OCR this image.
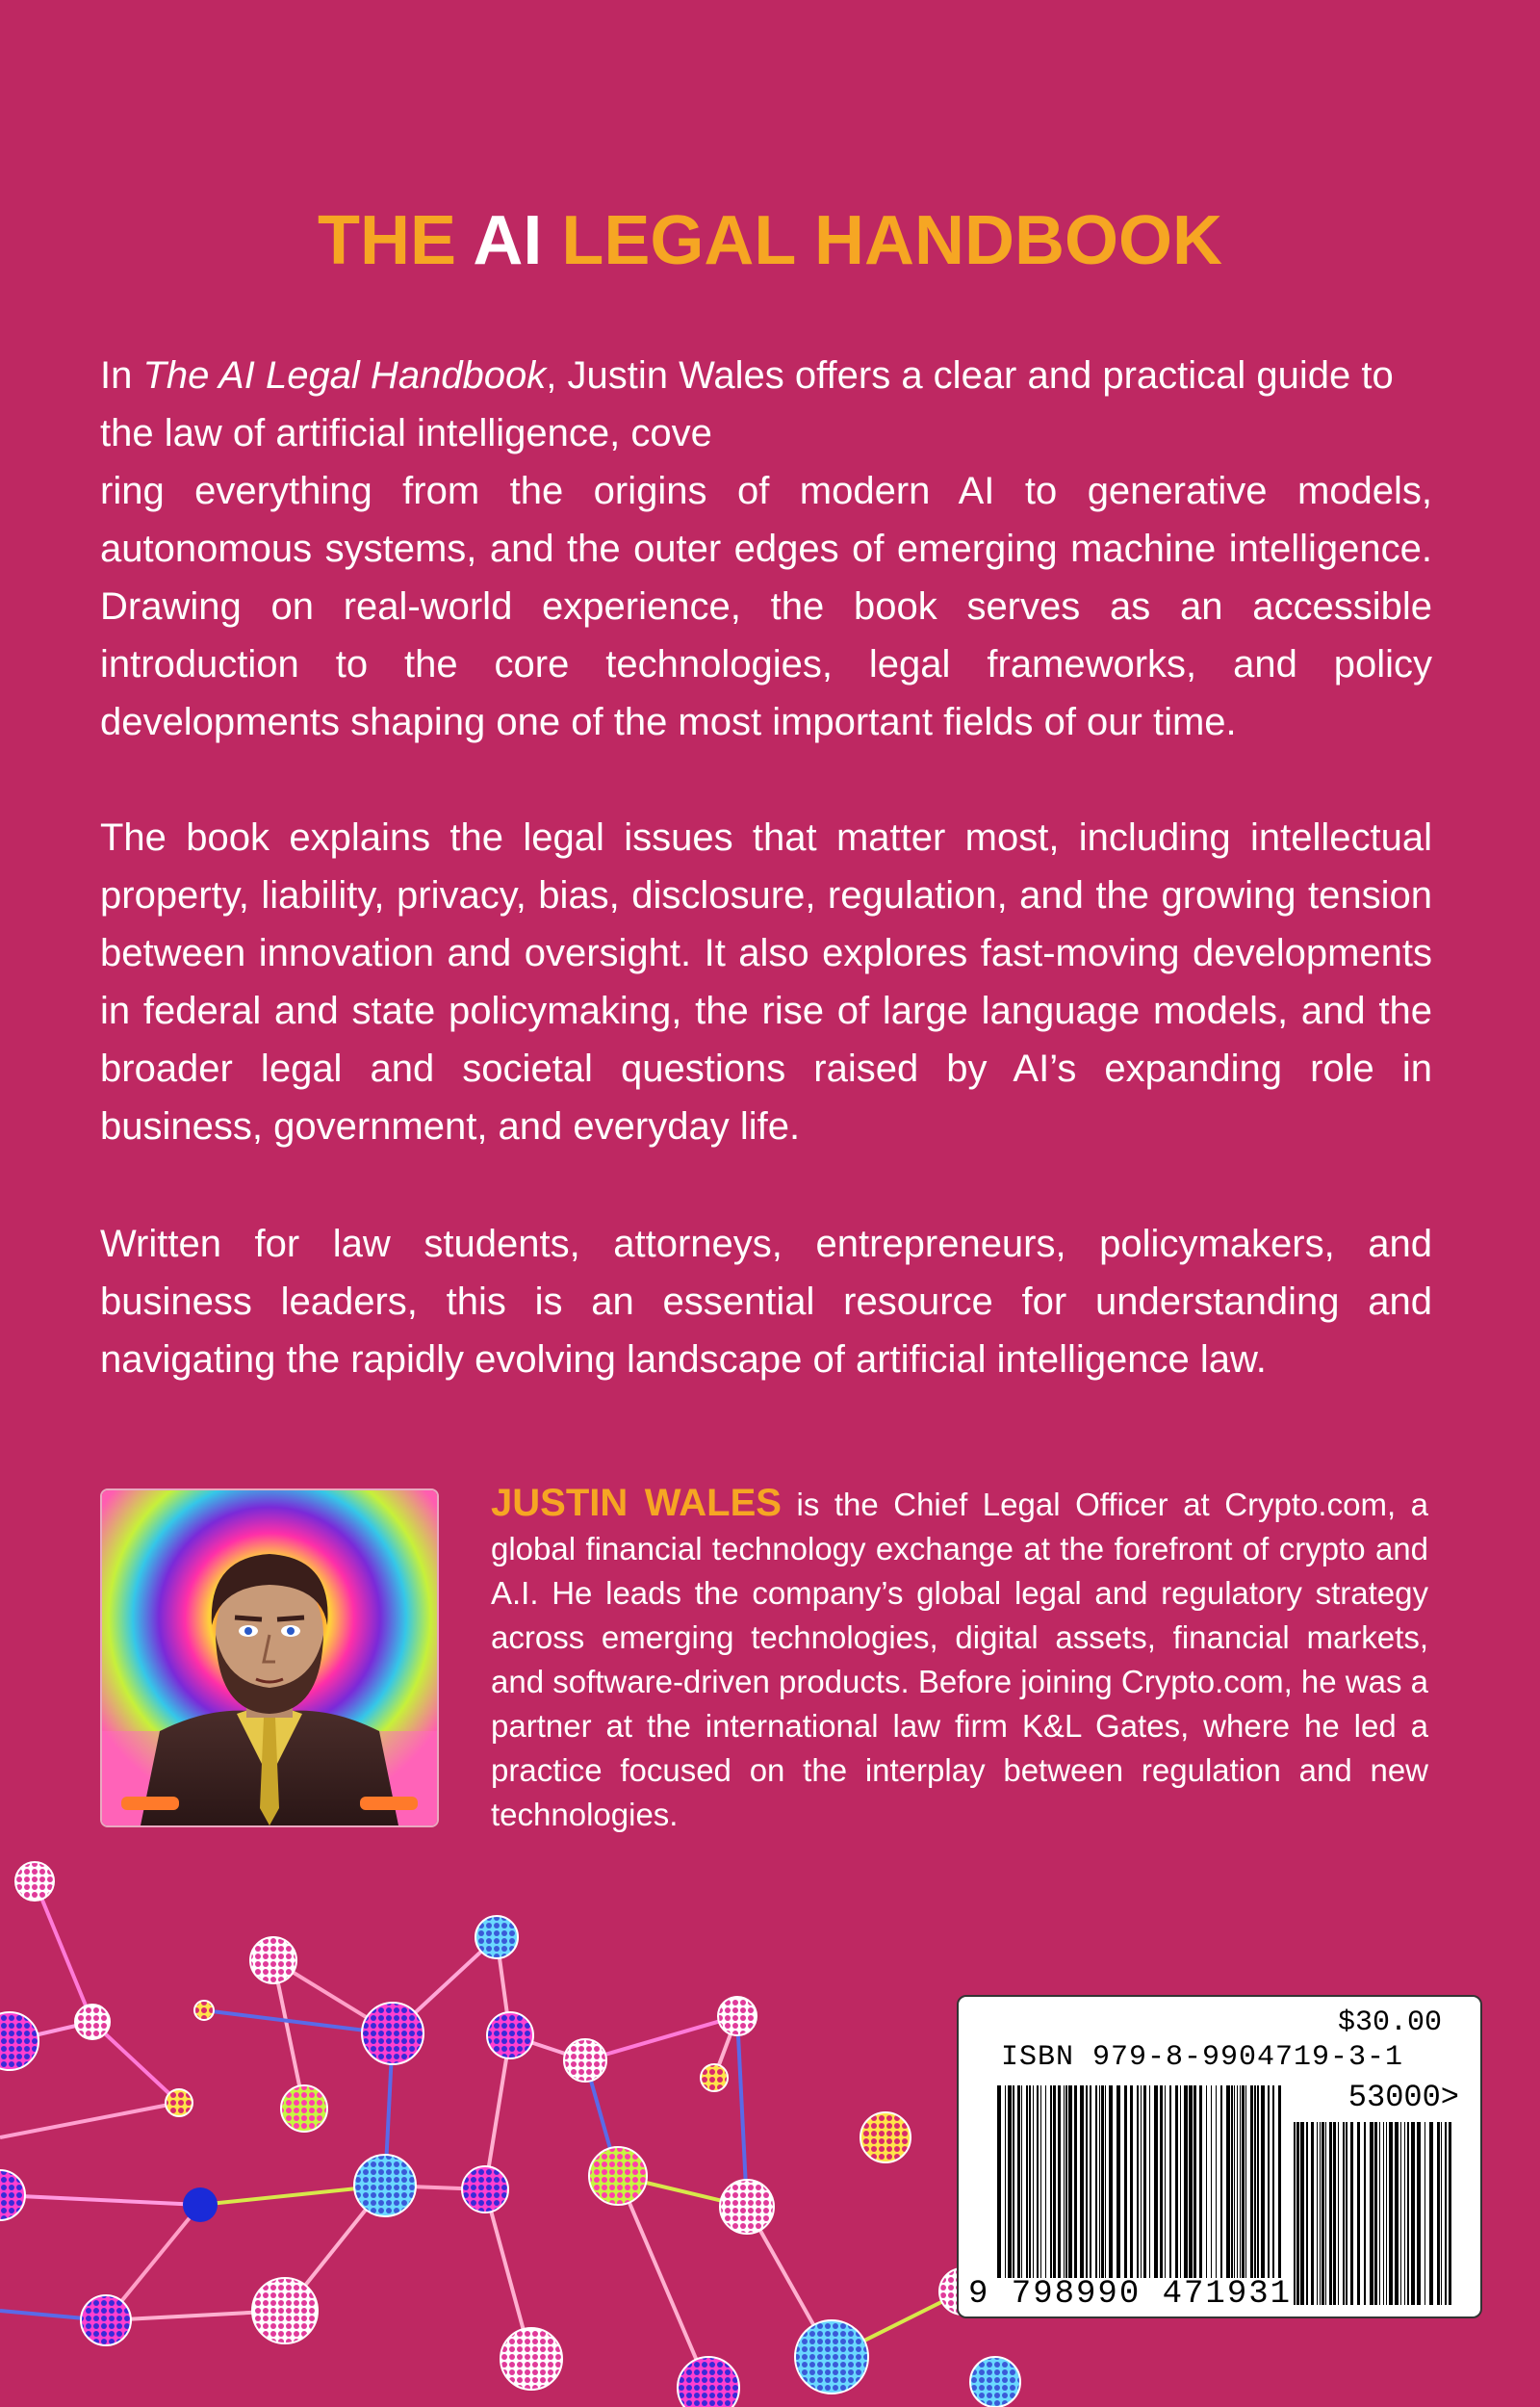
THE AI LEGAL HANDBOOK

In The AI Legal Handbook, Justin Wales offers a clear and practical guide to the law of artificial intelligence, cove

ring everything from the origins of modern AI to generative models, autonomous systems, and the outer edges of emerging machine intelligence. Drawing on real-world experience, the book serves as an accessible introduction to the core technologies, legal frameworks, and policy developments shaping one of the most important fields of our time.

The book explains the legal issues that matter most, including intellectual property, liability, privacy, bias, disclosure, regulation, and the growing tension between innovation and oversight. It also explores fast-moving developments in federal and state policymaking, the rise of large language models, and the broader legal and societal questions raised by AI’s expanding role in business, government, and everyday life.

Written for law students, attorneys, entrepreneurs, policymakers, and business leaders, this is an essential resource for understanding and navigating the rapidly evolving landscape of artificial intelligence law.

JUSTIN WALES is the Chief Legal Officer at Crypto.com, a global financial technology exchange at the forefront of crypto and A.I. He leads the company’s global legal and regulatory strategy across emerging technologies, digital assets, financial markets, and software-driven products. Before joining Crypto.com, he was a partner at the international law firm K&L Gates, where he led a practice focused on the interplay between regulation and new technologies.
$30.00
ISBN 979-8-9904719-3-1
53000>
9 798990 471931
